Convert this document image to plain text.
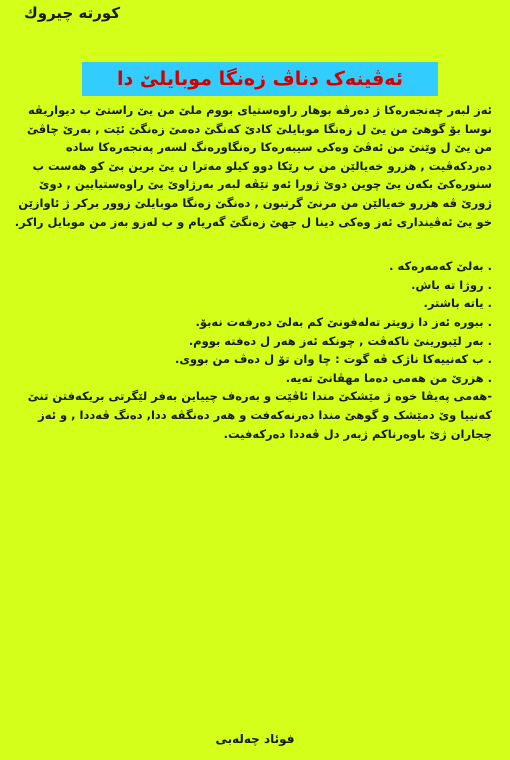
كورته چیروك
ئەڤینەک دناڤ زەنگا موبایلێ دا

ئەز لبەر چەنجەرەکا ژ دەرڤە بوهار راوەستیای بووم ملێ من یێ راستێ ب دیواریڤە نوسا بۆ گوهێ من یێ ل زەنگا موبایلێ کادێ کەنگێ دەمێ زەنگێ ئێت , بەرێ چاڤێ من یێ ل وێنێ من ئەڤێ وەکی سیبەرەکا رەنگاورەنگ لسەر پەنجەرەکا سادە دەردکەڤیت , هزرو خەیالێن من ب رێکا دوو کیلو مەترا ن یێ برین بێ کو هەست ب سنورەکێ بکەن یێ چوین دوێ ژورا ئەو تێڤە لبەر بەرژاوێ یێ راوەستیایین , دوێ ژورێ ڤە هزرو خەیالێن من مرنێ گرتبون , دەنگێ زەنگا موبایلێ زوور برکر ژ ئاوازێن خو یێ ئەڤینداری ئەز وەکی دینا ل جهێ زەنگێ گەریام و ب لەزو بەز من موبایل راکر.

. بەلێ کەمەرەکە .
. روژا تە باش.
. یاتە باشتر.
. ببوره ئەز دا زویتر تەلەفونێ کم بەلێ دەرفەت نەبۆ.
. بەر لێبورینێ ناکەڤت , چونکە ئەز هەر ل دەفتە بووم.
. ب کەنییەکا ناژک ڤە گوت : چا وان تۆ ل دەڤ من بووی.
. هزرێ من هەمی دەما مهڤانێ تەیە.

-هەمی پەیڤا خوە ژ مێشکێ مندا ئاڤێت و بەرەف چییاین بەفر لێگرتی بریکەفتن تنێ کەنییا وێ دمێشک و گوهێ مندا دەرنەکەفت و هەر دەنگڤە ددا, دەنگ ڤەددا , و ئەز چجاران ژێ باوەرناکم ژبەر دل ڤەددا دەرکەفیت.

فوئاد چەلەبی
